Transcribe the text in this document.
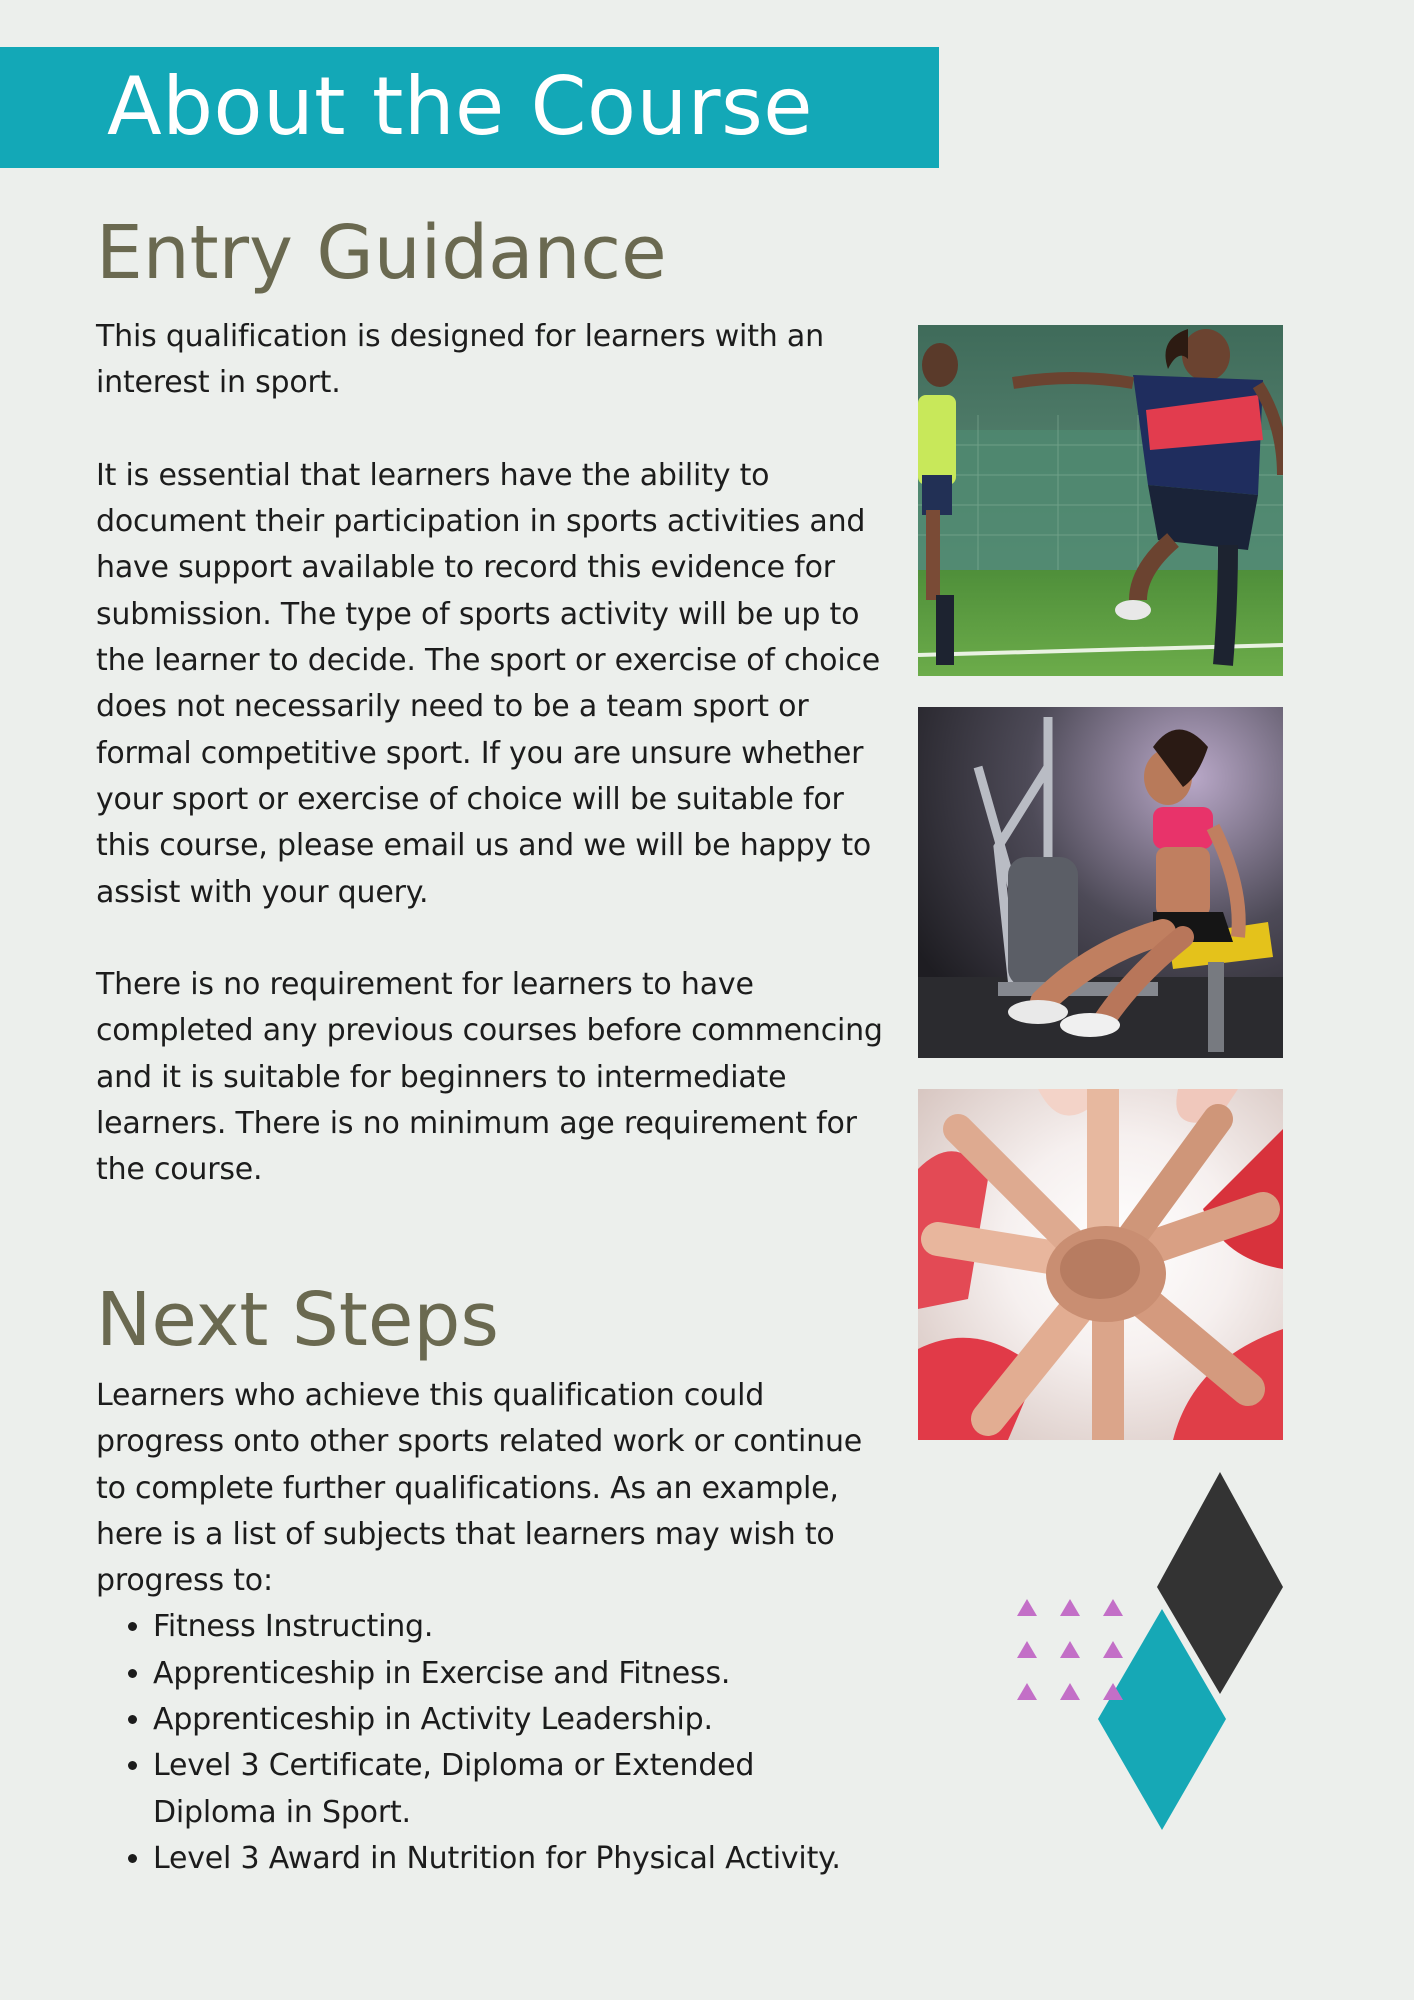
About the Course
Entry Guidance

This qualification is designed for learners with an interest in sport.

It is essential that learners have the ability to document their participation in sports activities and have support available to record this evidence for submission. The type of sports activity will be up to the learner to decide. The sport or exercise of choice does not necessarily need to be a team sport or formal competitive sport. If you are unsure whether your sport or exercise of choice will be suitable for this course, please email us and we will be happy to assist with your query.

There is no requirement for learners to have completed any previous courses before commencing and it is suitable for beginners to intermediate learners. There is no minimum age requirement for the course.

Next Steps
Learners who achieve this qualification could progress onto other sports related work or continue to complete further qualifications. As an example, here is a list of subjects that learners may wish to progress to:
• Fitness Instructing.
• Apprenticeship in Exercise and Fitness.
• Apprenticeship in Activity Leadership.
• Level 3 Certificate, Diploma or Extended Diploma in Sport.
• Level 3 Award in Nutrition for Physical Activity.
